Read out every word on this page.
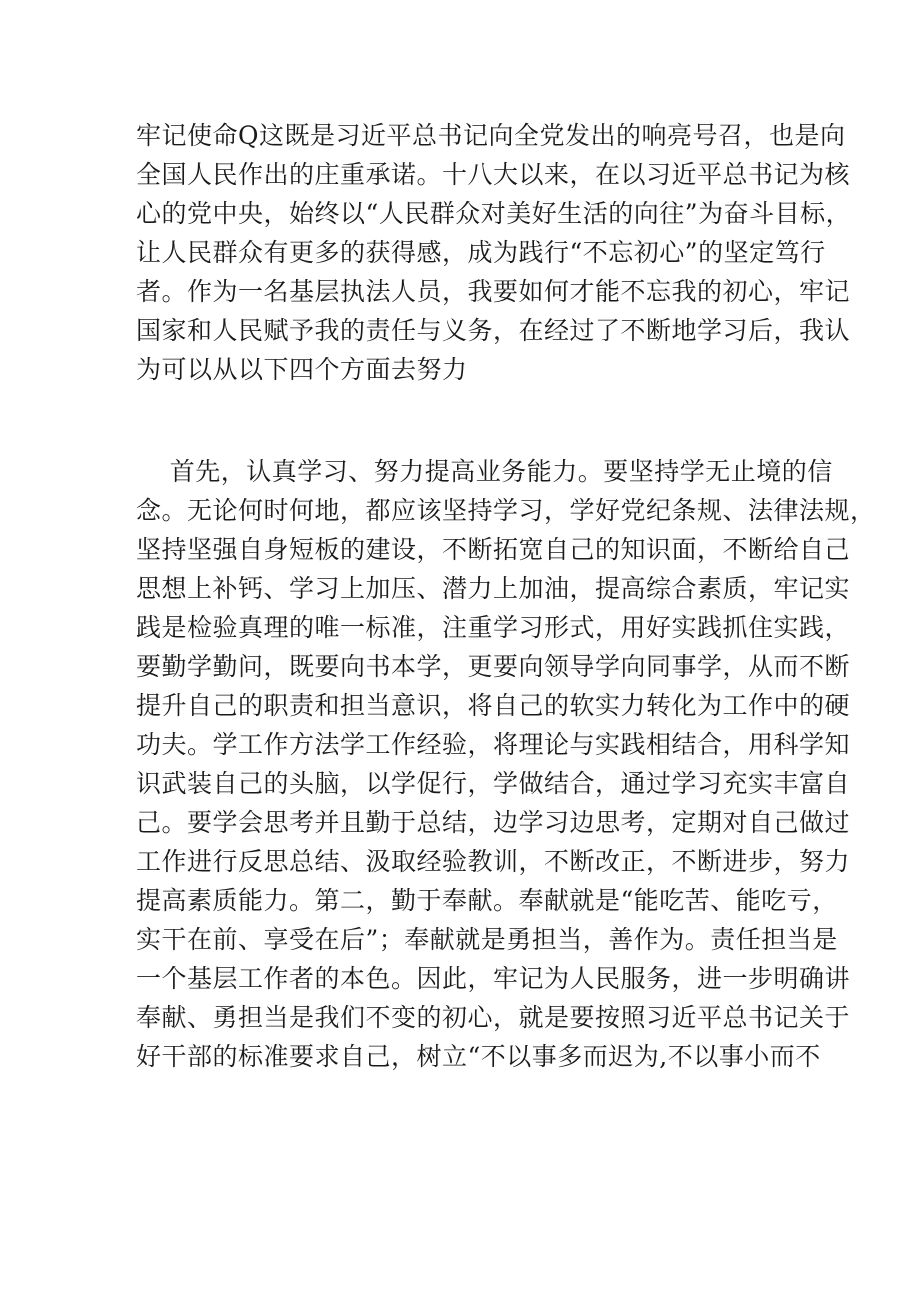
牢记使命Q这既是习近平总书记向全党发出的响亮号召，也是向
全国人民作出的庄重承诺。十八大以来，在以习近平总书记为核
心的党中央，始终以“人民群众对美好生活的向往”为奋斗目标，
让人民群众有更多的获得感，成为践行“不忘初心”的坚定笃行
者。作为一名基层执法人员，我要如何才能不忘我的初心，牢记
国家和人民赋予我的责任与义务，在经过了不断地学习后，我认
为可以从以下四个方面去努力
首先，认真学习、努力提高业务能力。要坚持学无止境的信
念。无论何时何地，都应该坚持学习，学好党纪条规、法律法规，
坚持坚强自身短板的建设，不断拓宽自己的知识面，不断给自己
思想上补钙、学习上加压、潜力上加油，提高综合素质，牢记实
践是检验真理的唯一标准，注重学习形式，用好实践抓住实践，
要勤学勤问，既要向书本学，更要向领导学向同事学，从而不断
提升自己的职责和担当意识，将自己的软实力转化为工作中的硬
功夫。学工作方法学工作经验，将理论与实践相结合，用科学知
识武装自己的头脑，以学促行，学做结合，通过学习充实丰富自
己。要学会思考并且勤于总结，边学习边思考，定期对自己做过
工作进行反思总结、汲取经验教训，不断改正，不断进步，努力
提高素质能力。第二，勤于奉献。奉献就是“能吃苦、能吃亏，
实干在前、享受在后”；奉献就是勇担当，善作为。责任担当是
一个基层工作者的本色。因此，牢记为人民服务，进一步明确讲
奉献、勇担当是我们不变的初心，就是要按照习近平总书记关于
好干部的标准要求自己，树立“不以事多而迟为,不以事小而不
